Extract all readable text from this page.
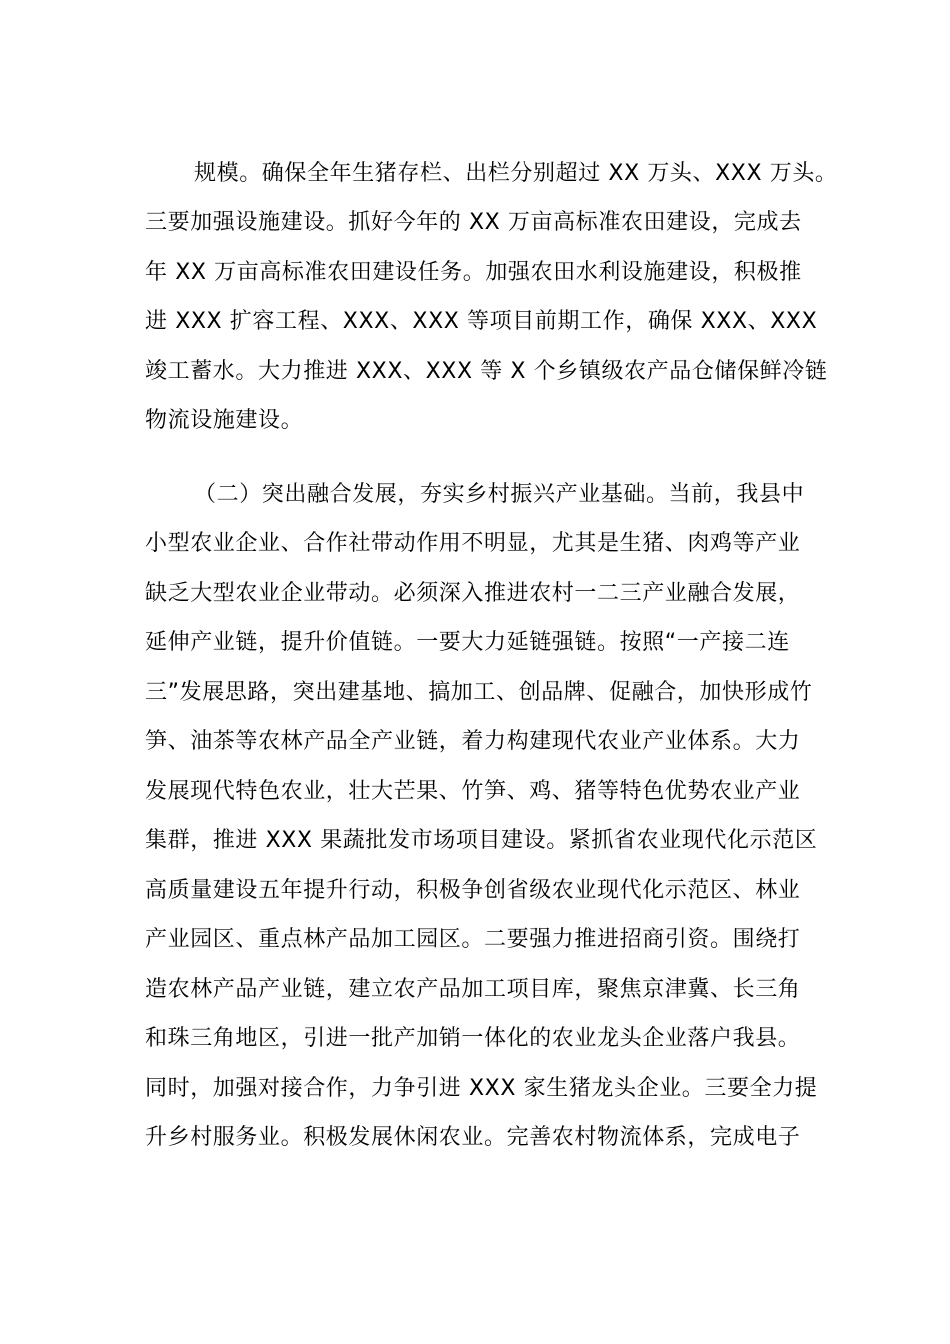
规模。确保全年生猪存栏、出栏分别超过 XX 万头、XXX 万头。

三要加强设施建设。抓好今年的 XX 万亩高标准农田建设，完成去

年 XX 万亩高标准农田建设任务。加强农田水利设施建设，积极推

进 XXX 扩容工程、XXX、XXX 等项目前期工作，确保 XXX、XXX

竣工蓄水。大力推进 XXX、XXX 等 X 个乡镇级农产品仓储保鲜冷链

物流设施建设。

（二）突出融合发展，夯实乡村振兴产业基础。当前，我县中

小型农业企业、合作社带动作用不明显，尤其是生猪、肉鸡等产业

缺乏大型农业企业带动。必须深入推进农村一二三产业融合发展，

延伸产业链，提升价值链。一要大力延链强链。按照“一产接二连

三”发展思路，突出建基地、搞加工、创品牌、促融合，加快形成竹

笋、油茶等农林产品全产业链，着力构建现代农业产业体系。大力

发展现代特色农业，壮大芒果、竹笋、鸡、猪等特色优势农业产业

集群，推进 XXX 果蔬批发市场项目建设。紧抓省农业现代化示范区

高质量建设五年提升行动，积极争创省级农业现代化示范区、林业

产业园区、重点林产品加工园区。二要强力推进招商引资。围绕打

造农林产品产业链，建立农产品加工项目库，聚焦京津冀、长三角

和珠三角地区，引进一批产加销一体化的农业龙头企业落户我县。

同时，加强对接合作，力争引进 XXX 家生猪龙头企业。三要全力提

升乡村服务业。积极发展休闲农业。完善农村物流体系，完成电子
